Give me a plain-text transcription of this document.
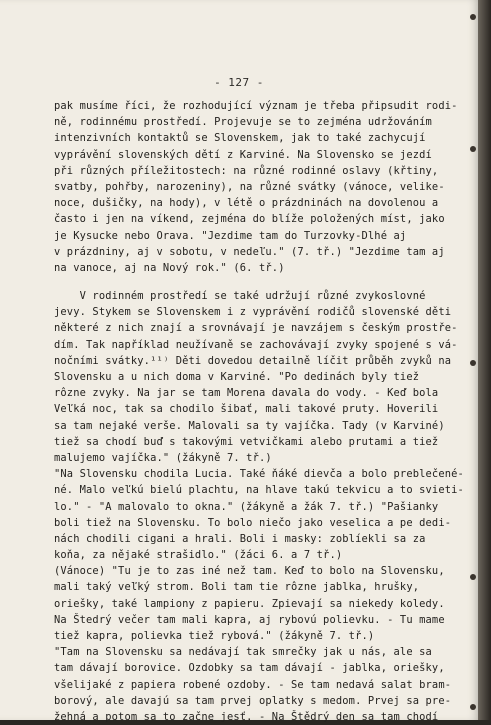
- 127 -
pak musíme říci, že rozhodující význam je třeba připsudit rodi-
ně, rodinnému prostředí. Projevuje se to zejména udržováním
intenzivních kontaktů se Slovenskem, jak to také zachycují
vyprávění slovenských dětí z Karviné. Na Slovensko se jezdí
při různých příležitostech: na různé rodinné oslavy (křtiny,
svatby, pohřby, narozeniny), na různé svátky (vánoce, velike-
noce, dušičky, na hody), v létě o prázdninách na dovolenou a
často i jen na víkend, zejména do blíže položených míst, jako
je Kysucke nebo Orava. "Jezdime tam do Turzovky-Dlhé aj
v prázdniny, aj v sobotu, v nedeľu." (7. tř.) "Jezdime tam aj
na vanoce, aj na Nový rok." (6. tř.)
V rodinném prostředí se také udržují různé zvykoslovné
jevy. Stykem se Slovenskem i z vyprávění rodičů slovenské děti
některé z nich znají a srovnávají je navzájem s českým prostře-
dím. Tak například neužívaně se zachovávají zvyky spojené s vá-
nočními svátky.¹¹⁾ Děti dovedou detailně líčit průběh zvyků na
Slovensku a u nich doma v Karviné. "Po dedinách byly tiež
rôzne zvyky. Na jar se tam Morena davala do vody. - Keď bola
Veľká noc, tak sa chodilo šibať, mali takové pruty. Hoverili
sa tam nejaké verše. Malovali sa ty vajíčka. Tady (v Karviné)
tiež sa chodí buď s takovými vetvičkami alebo prutami a tiež
malujemo vajíčka." (žákyně 7. tř.)
"Na Slovensku chodila Lucia. Také ňáké dievča a bolo preblečené-
né. Malo veľkú bielú plachtu, na hlave takú tekvicu a to svieti-
lo." - "A malovalo to okna." (žákyně a žák 7. tř.) "Pašianky
boli tiež na Slovensku. To bolo niečo jako veselica a pe dedi-
nách chodili cigani a hrali. Boli i masky: zoblíekli sa za
koňa, za nějaké strašidlo." (žáci 6. a 7 tř.)
(Vánoce) "Tu je to zas iné než tam. Keď to bolo na Slovensku,
mali taký veľký strom. Boli tam tie rôzne jablka, hrušky,
oriešky, také lampiony z papieru. Zpievají sa niekedy koledy.
Na Štedrý večer tam mali kapra, aj rybovú polievku. - Tu mame
tiež kapra, polievka tiež rybová." (žákyně 7. tř.)
"Tam na Slovensku sa nedávají tak smrečky jak u nás, ale sa
tam dávají borovice. Ozdobky sa tam dávají - jablka, oriešky,
všelijaké z papiera robené ozdoby. - Se tam nedavá salat bram-
borový, ale davajú sa tam prvej oplatky s medom. Prvej sa pre-
žehná a potom sa to začne jesť. - Na Štědrý den sa tam chodí
